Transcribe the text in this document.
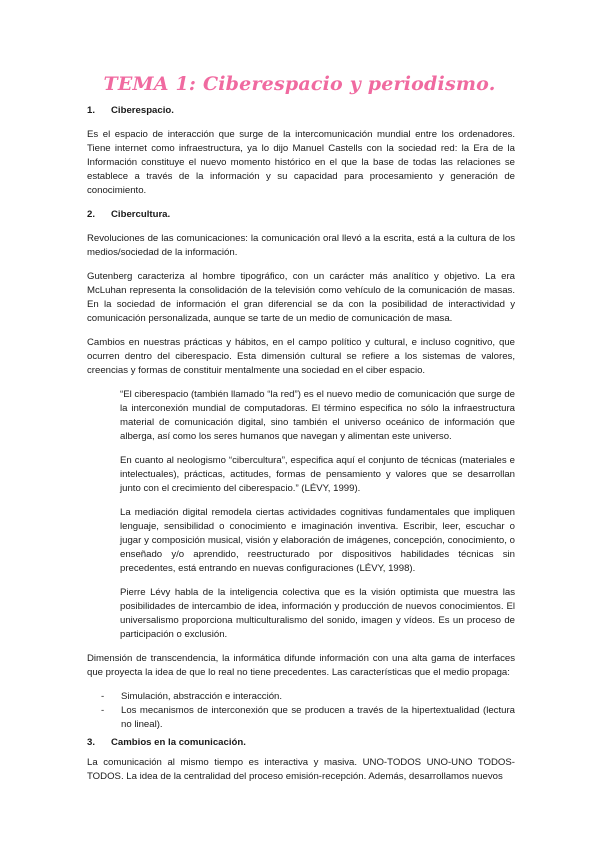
TEMA 1: Ciberespacio y periodismo.
1.	Ciberespacio.

Es el espacio de interacción que surge de la intercomunicación mundial entre los ordenadores. Tiene internet como infraestructura, ya lo dijo Manuel Castells con la sociedad red: la Era de la Información constituye el nuevo momento histórico en el que la base de todas las relaciones se establece a través de la información y su capacidad para procesamiento y generación de conocimiento.

2.	Cibercultura.

Revoluciones de las comunicaciones: la comunicación oral llevó a la escrita, está a la cultura de los medios/sociedad de la información.

Gutenberg caracteriza al hombre tipográfico, con un carácter más analítico y objetivo. La era McLuhan representa la consolidación de la televisión como vehículo de la comunicación de masas. En la sociedad de información el gran diferencial se da con la posibilidad de interactividad y comunicación personalizada, aunque se tarte de un medio de comunicación de masa.

Cambios en nuestras prácticas y hábitos, en el campo político y cultural, e incluso cognitivo, que ocurren dentro del ciberespacio. Esta dimensión cultural se refiere a los sistemas de valores, creencias y formas de constituir mentalmente una sociedad en el ciber espacio.

“El ciberespacio (también llamado “la red”) es el nuevo medio de comunicación que surge de la interconexión mundial de computadoras. El término especifica no sólo la infraestructura material de comunicación digital, sino también el universo oceánico de información que alberga, así como los seres humanos que navegan y alimentan este universo.

En cuanto al neologismo “cibercultura”, especifica aquí el conjunto de técnicas (materiales e intelectuales), prácticas, actitudes, formas de pensamiento y valores que se desarrollan junto con el crecimiento del ciberespacio.” (LÉVY, 1999).

La mediación digital remodela ciertas actividades cognitivas fundamentales que impliquen lenguaje, sensibilidad o conocimiento e imaginación inventiva. Escribir, leer, escuchar o jugar y composición musical, visión y elaboración de imágenes, concepción, conocimiento, o enseñado y/o aprendido, reestructurado por dispositivos habilidades técnicas sin precedentes, está entrando en nuevas configuraciones (LÉVY, 1998).

Pierre Lévy habla de la inteligencia colectiva que es la visión optimista que muestra las posibilidades de intercambio de idea, información y producción de nuevos conocimientos. El universalismo proporciona multiculturalismo del sonido, imagen y vídeos. Es un proceso de participación o exclusión.

Dimensión de transcendencia, la informática difunde información con una alta gama de interfaces que proyecta la idea de que lo real no tiene precedentes. Las características que el medio propaga:

-	Simulación, abstracción e interacción.
-	Los mecanismos de interconexión que se producen a través de la hipertextualidad (lectura no lineal).
3.	Cambios en la comunicación.

La comunicación al mismo tiempo es interactiva y masiva. UNO-TODOS UNO-UNO TODOS-TODOS. La idea de la centralidad del proceso emisión-recepción. Además, desarrollamos nuevos
